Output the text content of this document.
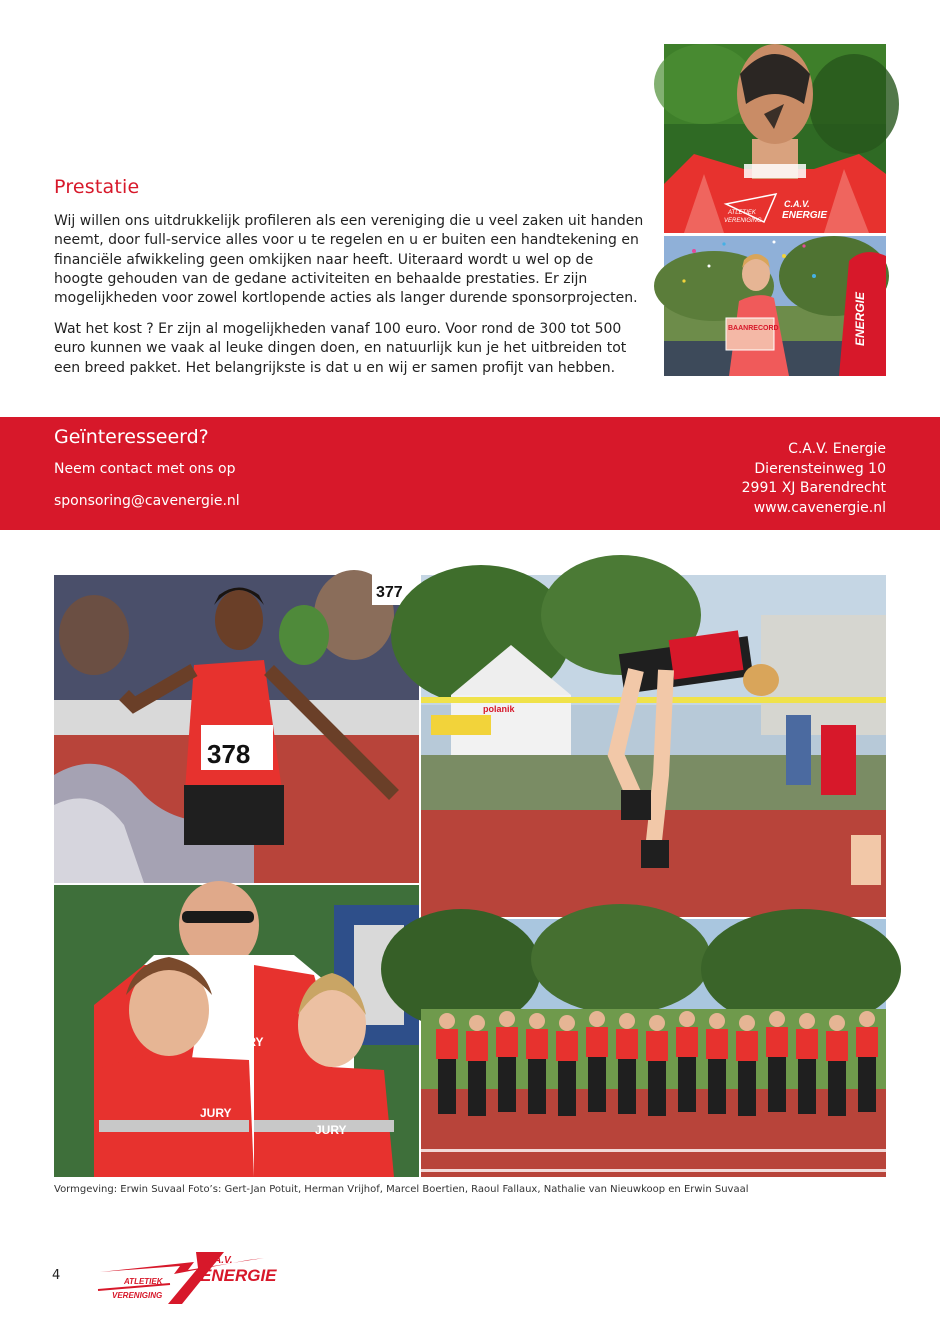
C.A.V.
ENERGIE
ATLETIEK
VERENIGING
ENERGIE
BAANRECORD
Prestatie

Wij willen ons uitdrukkelijk profileren als een vereniging die u veel zaken uit handen neemt, door full-service alles voor u te regelen en u er buiten een handtekening en financiële afwikkeling geen omkijken naar heeft. Uiteraard wordt u wel op de hoogte gehouden van de gedane activiteiten en behaalde prestaties. Er zijn mogelijkheden voor zowel kortlopende acties als langer durende sponsorprojecten.

Wat het kost ? Er zijn al mogelijkheden vanaf 100 euro. Voor rond de 300 tot 500 euro kunnen we vaak al leuke dingen doen, en natuurlijk kun je het uitbreiden tot een breed pakket. Het belangrijkste is dat u en wij er samen profijt van hebben.

Geïnteresseerd?
Neem contact met ons op
sponsoring@cavenergie.nl
C.A.V. Energie
Dierensteinweg 10
2991 XJ Barendrecht
www.cavenergie.nl
378
377
polanik
JURY
JURY
JURY
Vormgeving: Erwin Suvaal Foto’s: Gert-Jan Potuit, Herman Vrijhof, Marcel Boertien, Raoul Fallaux, Nathalie van Nieuwkoop en Erwin Suvaal
4
C.A.V.
ENERGIE
ATLETIEK
VERENIGING
